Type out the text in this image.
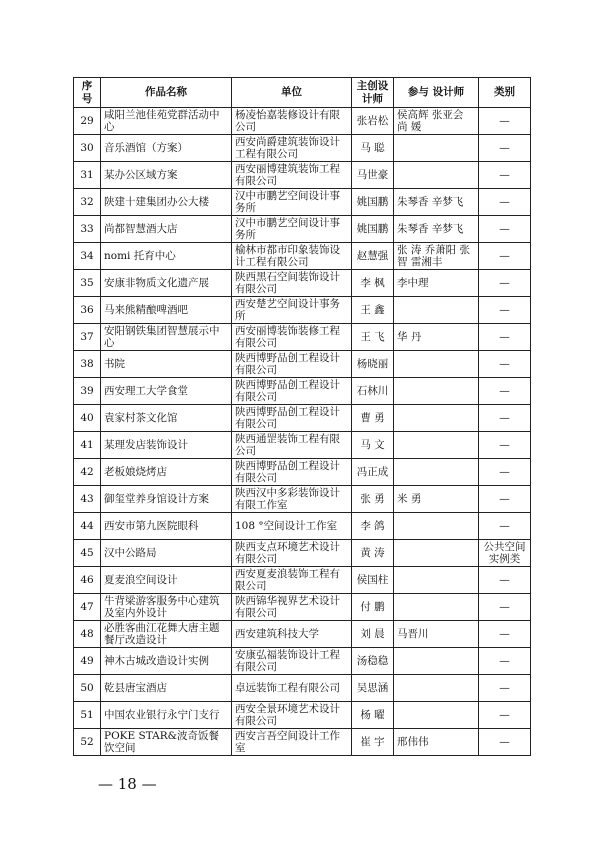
序号	作品名称	单位	主创设计师	参与 设计师	类别
29	咸阳兰池佳苑党群活动中心	杨凌怡嘉装修设计有限公司	张岩松	侯高辉 张亚会 尚 媛	—
30	音乐酒馆（方案）	西安尚爵建筑装饰设计工程有限公司	马 聪		—
31	某办公区域方案	西安丽博建筑装饰工程有限公司	马世豪		—
32	陕建十建集团办公大楼	汉中市鹏艺空间设计事务所	姚国鹏	朱琴香 辛梦飞	—
33	尚都智慧酒大店	汉中市鹏艺空间设计事务所	姚国鹏	朱琴香 辛梦飞	—
34	nomi 托育中心	榆林市都市印象装饰设计工程有限公司	赵慧强	张 涛 乔萧阳 张 智 雷湘丰	—
35	安康非物质文化遗产展	陕西黑石空间装饰设计有限公司	李 枫	李中理	—
36	马来熊精酿啤酒吧	西安楚艺空间设计事务所	王 鑫		—
37	安阳钢铁集团智慧展示中心	西安丽博装饰装修工程有限公司	王 飞	华 丹	—
38	书院	陕西博野品创工程设计有限公司	杨晓丽		—
39	西安理工大学食堂	陕西博野品创工程设计有限公司	石林川		—
40	袁家村茶文化馆	陕西博野品创工程设计有限公司	曹 勇		—
41	某理发店装饰设计	陕西通罡装饰工程有限公司	马 文		—
42	老板娘烧烤店	陕西博野品创工程设计有限公司	冯正成		—
43	御玺堂养身馆设计方案	陕西汉中多彩装饰设计有限工作室	张 勇	米 勇	—
44	西安市第九医院眼科	108 °空间设计工作室	李 鸽		—
45	汉中公路局	陕西支点环境艺术设计有限公司	黄 涛		公共空间实例类
46	夏麦浪空间设计	西安夏麦浪装饰工程有限公司	侯国柱		—
47	牛背梁游客服务中心建筑及室内外设计	陕西锦华视界艺术设计有限公司	付 鹏		—
48	必胜客曲江花舞大唐主题餐厅改造设计	西安建筑科技大学	刘 晨	马晋川	—
49	神木古城改造设计实例	安康弘福装饰设计工程有限公司	汤稳稳		—
50	乾县唐宝酒店	卓远装饰工程有限公司	吴思涵		—
51	中国农业银行永宁门支行	西安全景环境艺术设计有限公司	杨 曜		—
52	POKE STAR&波奇饭餐饮空间	西安言吾空间设计工作室	崔 宇	邢伟伟	—
— 18 —
